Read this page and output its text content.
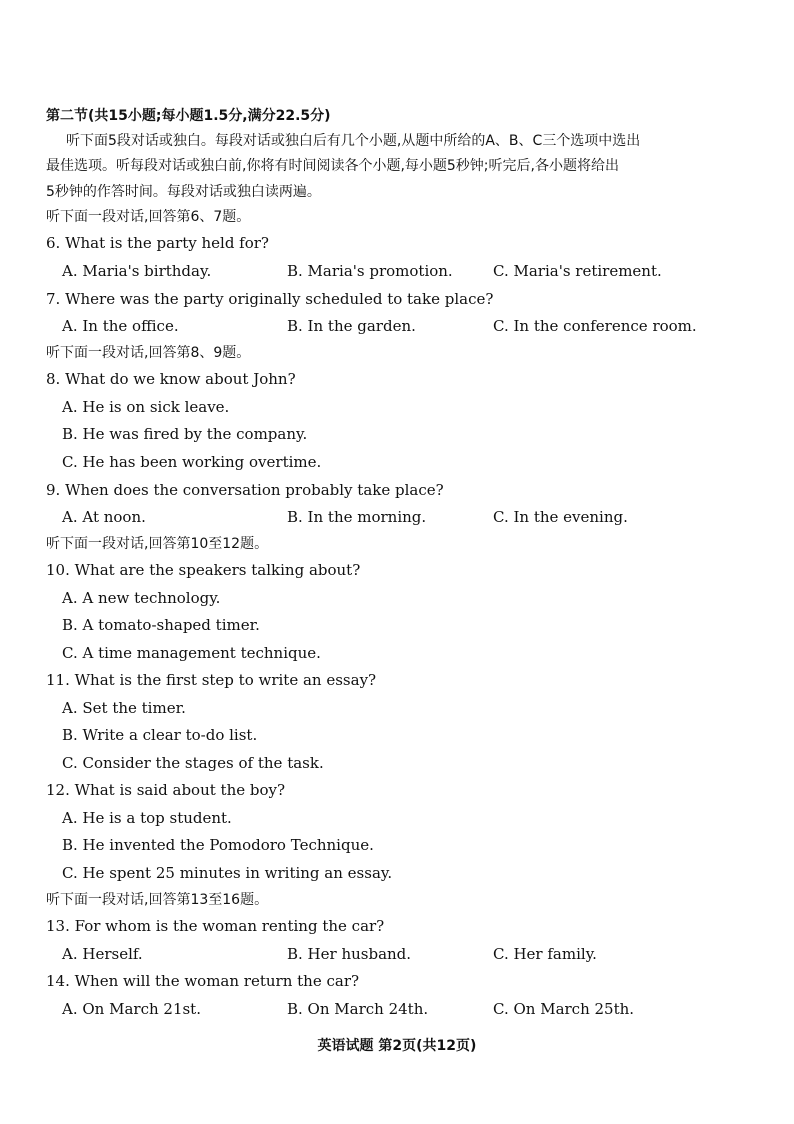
第二节(共15小题;每小题1.5分,满分22.5分)
听下面5段对话或独白。每段对话或独白后有几个小题,从题中所给的A、B、C三个选项中选出
最佳选项。听每段对话或独白前,你将有时间阅读各个小题,每小题5秒钟;听完后,各小题将给出
5秒钟的作答时间。每段对话或独白读两遍。
听下面一段对话,回答第6、7题。
6. What is the party held for?
A. Maria's birthday.	B. Maria's promotion.	C. Maria's retirement.
7. Where was the party originally scheduled to take place?
A. In the office.	B. In the garden.	C. In the conference room.
听下面一段对话,回答第8、9题。
8. What do we know about John?
A. He is on sick leave.
B. He was fired by the company.
C. He has been working overtime.
9. When does the conversation probably take place?
A. At noon.	B. In the morning.	C. In the evening.
听下面一段对话,回答第10至12题。
10. What are the speakers talking about?
A. A new technology.
B. A tomato-shaped timer.
C. A time management technique.
11. What is the first step to write an essay?
A. Set the timer.
B. Write a clear to-do list.
C. Consider the stages of the task.
12. What is said about the boy?
A. He is a top student.
B. He invented the Pomodoro Technique.
C. He spent 25 minutes in writing an essay.
听下面一段对话,回答第13至16题。
13. For whom is the woman renting the car?
A. Herself.	B. Her husband.	C. Her family.
14. When will the woman return the car?
A. On March 21st.	B. On March 24th.	C. On March 25th.
英语试题 第2页(共12页)
